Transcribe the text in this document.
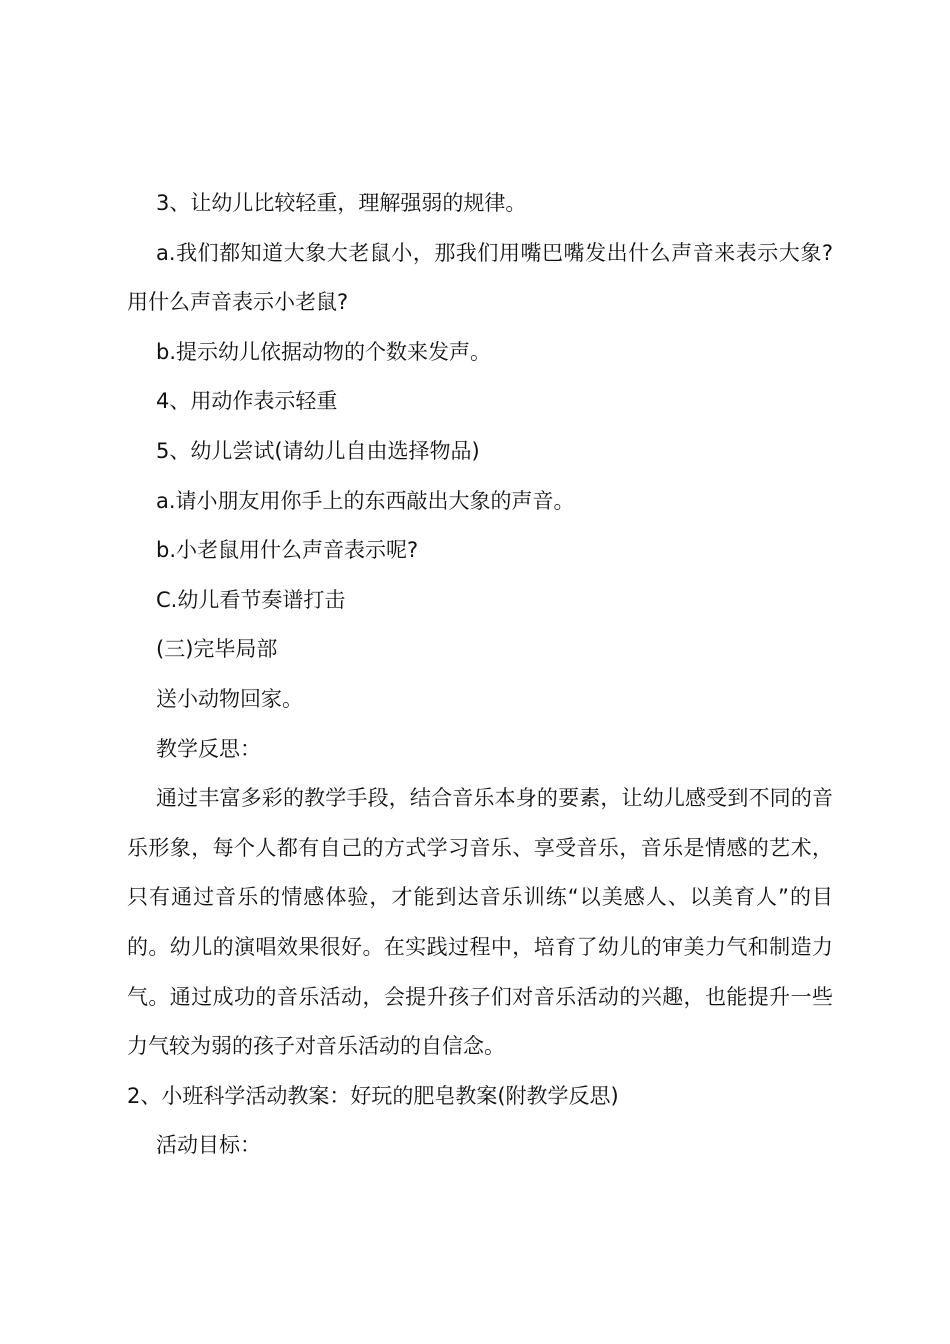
3、让幼儿比较轻重，理解强弱的规律。

a.我们都知道大象大老鼠小，那我们用嘴巴嘴发出什么声音来表示大象?用什么声音表示小老鼠?

b.提示幼儿依据动物的个数来发声。

4、用动作表示轻重

5、幼儿尝试(请幼儿自由选择物品)

a.请小朋友用你手上的东西敲出大象的声音。

b.小老鼠用什么声音表示呢?

C.幼儿看节奏谱打击

(三)完毕局部

送小动物回家。

教学反思：

通过丰富多彩的教学手段，结合音乐本身的要素，让幼儿感受到不同的音乐形象，每个人都有自己的方式学习音乐、享受音乐，音乐是情感的艺术，只有通过音乐的情感体验，才能到达音乐训练“以美感人、以美育人”的目的。幼儿的演唱效果很好。在实践过程中，培育了幼儿的审美力气和制造力气。通过成功的音乐活动，会提升孩子们对音乐活动的兴趣，也能提升一些力气较为弱的孩子对音乐活动的自信念。

2、小班科学活动教案：好玩的肥皂教案(附教学反思)

活动目标：
